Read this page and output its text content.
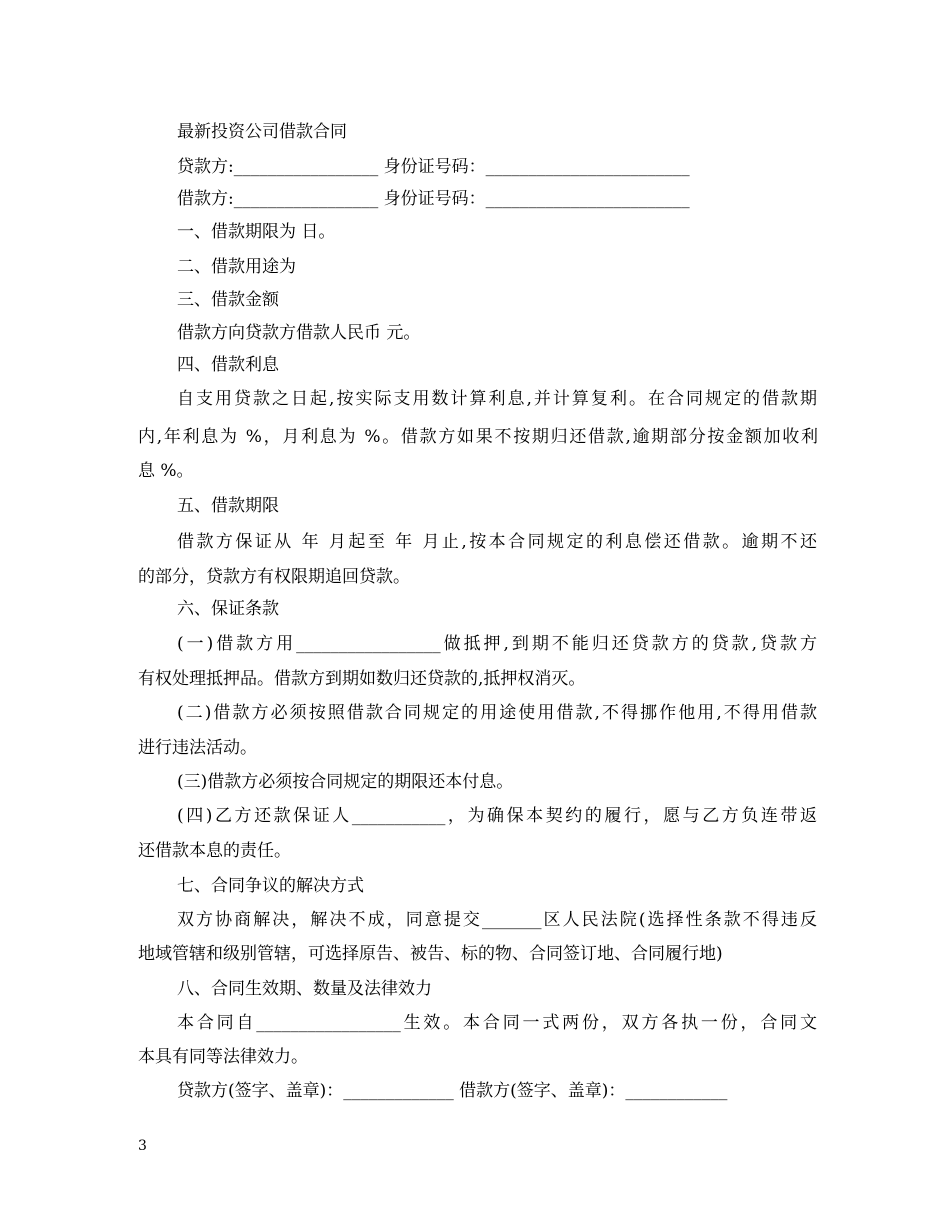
最新投资公司借款合同
贷款方:_________________ 身份证号码：________________________
借款方:_________________ 身份证号码：________________________
一、借款期限为 日。
二、借款用途为
三、借款金额
借款方向贷款方借款人民币 元。
四、借款利息
自支用贷款之日起,按实际支用数计算利息,并计算复利。在合同规定的借款期
内,年利息为 %，月利息为 %。借款方如果不按期归还借款,逾期部分按金额加收利
息 %。
五、借款期限
借款方保证从 年 月起至 年 月止,按本合同规定的利息偿还借款。逾期不还
的部分，贷款方有权限期追回贷款。
六、保证条款
(一)借款方用_________________做抵押,到期不能归还贷款方的贷款,贷款方
有权处理抵押品。借款方到期如数归还贷款的,抵押权消灭。
(二)借款方必须按照借款合同规定的用途使用借款,不得挪作他用,不得用借款
进行违法活动。
(三)借款方必须按合同规定的期限还本付息。
(四)乙方还款保证人___________，为确保本契约的履行，愿与乙方负连带返
还借款本息的责任。
七、合同争议的解决方式
双方协商解决，解决不成，同意提交_______区人民法院(选择性条款不得违反
地域管辖和级别管辖，可选择原告、被告、标的物、合同签订地、合同履行地)
八、合同生效期、数量及法律效力
本合同自_________________生效。本合同一式两份，双方各执一份，合同文
本具有同等法律效力。
贷款方(签字、盖章)：_____________ 借款方(签字、盖章)：____________
3
